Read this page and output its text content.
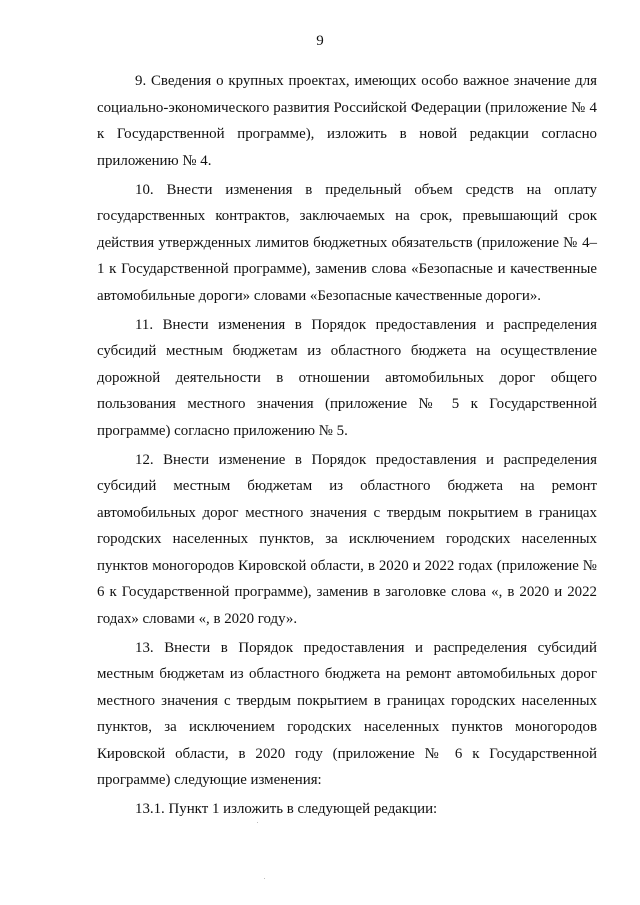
9

9. Сведения о крупных проектах, имеющих особо важное значение для социально-экономического развития Российской Федерации (приложение № 4 к Государственной программе), изложить в новой редакции согласно приложению № 4.

10. Внести изменения в предельный объем средств на оплату государственных контрактов, заключаемых на срок, превышающий срок действия утвержденных лимитов бюджетных обязательств (приложение № 4–1 к Государственной программе), заменив слова «Безопасные и качественные автомобильные дороги» словами «Безопасные качественные дороги».

11. Внести изменения в Порядок предоставления и распределения субсидий местным бюджетам из областного бюджета на осуществление дорожной деятельности в отношении автомобильных дорог общего пользования местного значения (приложение № 5 к Государственной программе) согласно приложению № 5.

12. Внести изменение в Порядок предоставления и распределения субсидий местным бюджетам из областного бюджета на ремонт автомобильных дорог местного значения с твердым покрытием в границах городских населенных пунктов, за исключением городских населенных пунктов моногородов Кировской области, в 2020 и 2022 годах (приложение № 6 к Государственной программе), заменив в заголовке слова «, в 2020 и 2022 годах» словами «, в 2020 году».

13. Внести в Порядок предоставления и распределения субсидий местным бюджетам из областного бюджета на ремонт автомобильных дорог местного значения с твердым покрытием в границах городских населенных пунктов, за исключением городских населенных пунктов моногородов Кировской области, в 2020 году (приложение № 6 к Государственной программе) следующие изменения:

13.1. Пункт 1 изложить в следующей редакции:
